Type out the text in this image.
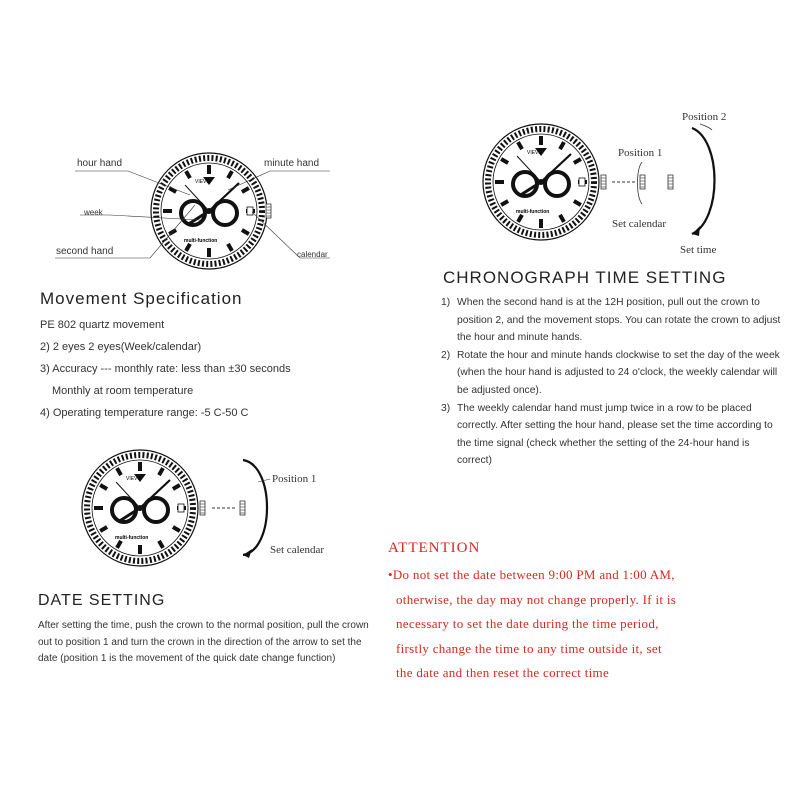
VIEVS
multi-function
hour hand	minute hand
week
second hand	calendar
Movement Specification
PE 802 quartz movement
2) 2 eyes 2 eyes(Week/calendar)
3) Accuracy --- monthly rate: less than ±30 seconds
Monthly at room temperature
4) Operating temperature range: -5 C-50 C
VIEVS
multi-function
Position 1
Set calendar
DATE SETTING
After setting the time, push the crown to the normal position, pull the crown out to position 1 and turn the crown in the direction of the arrow to set the date (position 1 is the movement of the quick date change function)
VIEVS
multi-function
Position 2
Position 1
Set calendar
Set time
CHRONOGRAPH TIME SETTING
1) When the second hand is at the 12H position, pull out the crown to position 2, and the movement stops. You can rotate the crown to adjust the hour and minute hands.
2) Rotate the hour and minute hands clockwise to set the day of the week (when the hour hand is adjusted to 24 o'clock, the weekly calendar will be adjusted once).
3) The weekly calendar hand must jump twice in a row to be placed correctly. After setting the hour hand, please set the time according to the time signal (check whether the setting of the 24-hour hand is correct)
ATTENTION
•Do not set the date between 9:00 PM and 1:00 AM,
otherwise, the day may not change properly. If it is
necessary to set the date during the time period,
firstly change the time to any time outside it, set
the date and then reset the correct time
